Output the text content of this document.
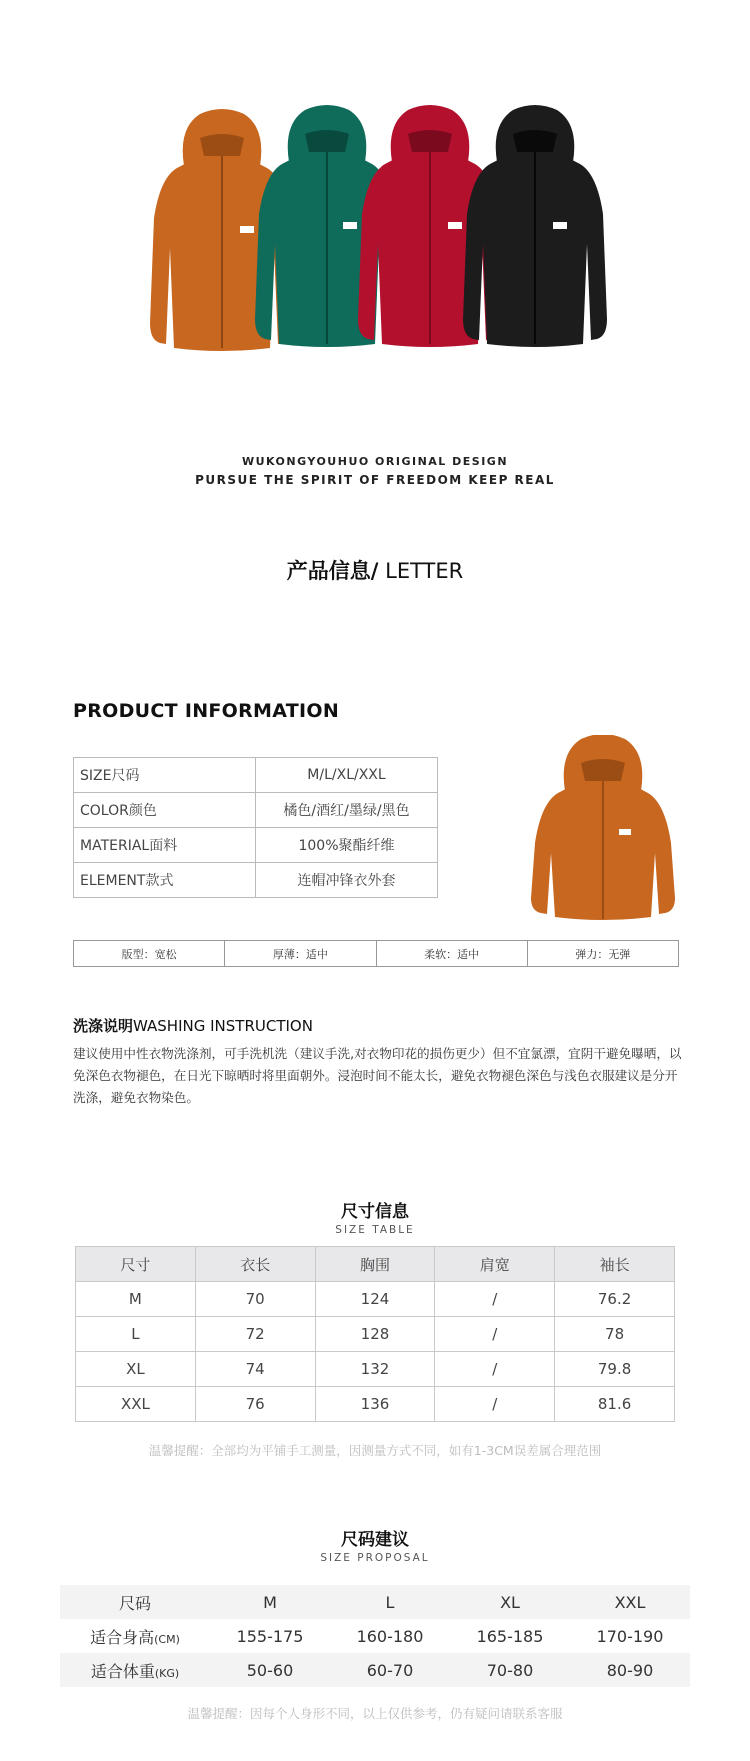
WUKONGYOUHUO ORIGINAL DESIGN
PURSUE THE SPIRIT OF FREEDOM KEEP REAL
产品信息/ LETTER
PRODUCT INFORMATION
SIZE尺码	M/L/XL/XXL
COLOR颜色	橘色/酒红/墨绿/黑色
MATERIAL面料	100%聚酯纤维
ELEMENT款式	连帽冲锋衣外套
版型：宽松	厚薄：适中	柔软：适中	弹力：无弹
洗涤说明WASHING INSTRUCTION
建议使用中性衣物洗涤剂，可手洗机洗（建议手洗,对衣物印花的损伤更少）但不宜氯漂，宜阴干避免曝晒，以免深色衣物褪色，在日光下晾晒时将里面朝外。浸泡时间不能太长，避免衣物褪色深色与浅色衣服建议是分开洗涤，避免衣物染色。
尺寸信息
SIZE TABLE
尺寸	衣长	胸围	肩宽	袖长
M	70	124	/	76.2
L	72	128	/	78
XL	74	132	/	79.8
XXL	76	136	/	81.6
温馨提醒：全部均为平铺手工测量，因测量方式不同，如有1-3CM误差属合理范围
尺码建议
SIZE PROPOSAL
尺码	M	L	XL	XXL
适合身高(CM)	155-175	160-180	165-185	170-190
适合体重(KG)	50-60	60-70	70-80	80-90
温馨提醒：因每个人身形不同，以上仅供参考，仍有疑问请联系客服
